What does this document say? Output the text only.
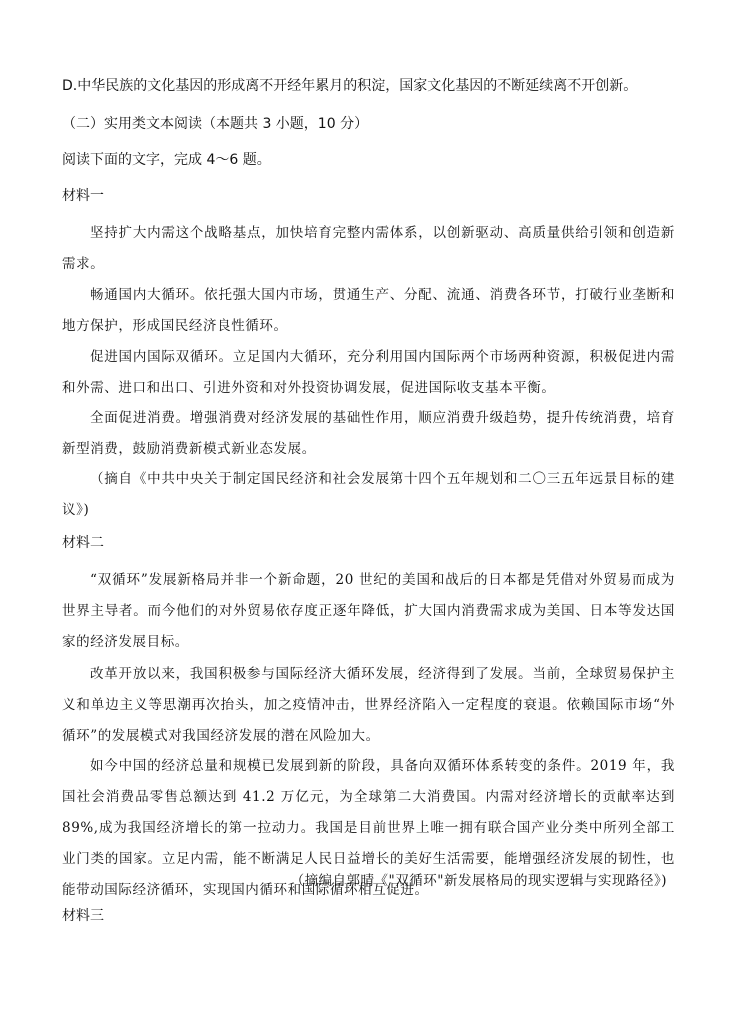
D.中华民族的文化基因的形成离不开经年累月的积淀，国家文化基因的不断延续离不开创新。
（二）实用类文本阅读（本题共 3 小题，10 分）
阅读下面的文字，完成 4～6 题。
材料一

坚持扩大内需这个战略基点，加快培育完整内需体系，以创新驱动、高质量供给引领和创造新需求。

畅通国内大循环。依托强大国内市场，贯通生产、分配、流通、消费各环节，打破行业垄断和地方保护，形成国民经济良性循环。

促进国内国际双循环。立足国内大循环，充分利用国内国际两个市场两种资源，积极促进内需和外需、进口和出口、引进外资和对外投资协调发展，促进国际收支基本平衡。

全面促进消费。增强消费对经济发展的基础性作用，顺应消费升级趋势，提升传统消费，培育新型消费，鼓励消费新模式新业态发展。

（摘自《中共中央关于制定国民经济和社会发展第十四个五年规划和二〇三五年远景目标的建议》)

材料二

“双循环”发展新格局并非一个新命题，20 世纪的美国和战后的日本都是凭借对外贸易而成为世界主导者。而今他们的对外贸易依存度正逐年降低，扩大国内消费需求成为美国、日本等发达国家的经济发展目标。

改革开放以来，我国积极参与国际经济大循环发展，经济得到了发展。当前，全球贸易保护主义和单边主义等思潮再次抬头，加之疫情冲击，世界经济陷入一定程度的衰退。依赖国际市场“外循环”的发展模式对我国经济发展的潜在风险加大。

如今中国的经济总量和规模已发展到新的阶段，具备向双循环体系转变的条件。2019 年，我国社会消费品零售总额达到 41.2 万亿元，为全球第二大消费国。内需对经济增长的贡献率达到 89%,成为我国经济增长的第一拉动力。我国是目前世界上唯一拥有联合国产业分类中所列全部工业门类的国家。立足内需，能不断满足人民日益增长的美好生活需要，能增强经济发展的韧性，也能带动国际经济循环，实现国内循环和国际循环相互促进。

（摘编自郭晴《"双循环"新发展格局的现实逻辑与实现路径》)
材料三
